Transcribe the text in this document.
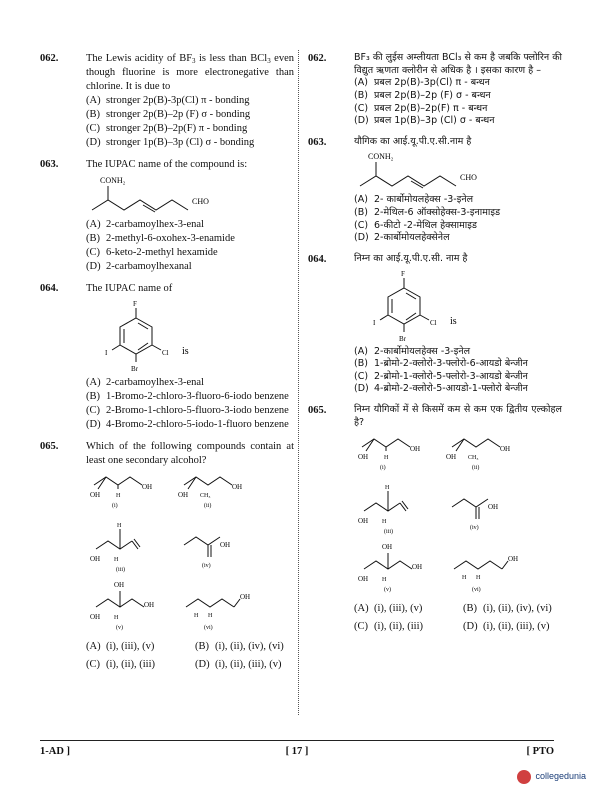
062.	The Lewis acidity of $BF_3$ is less than BCl$_3$ even though fluorine is more electronegative than chlorine. It is due to
(A) stronger 2p(B)-3p(Cl) π - bonding
(B) stronger 2p(B)–2p (F) σ - bonding
(C) stronger 2p(B)–2p(F) π - bonding
(D) stronger 1p(B)–3p (Cl) σ - bonding
063.	The IUPAC name of the compound is:
CONH₂
CHO
(A) 2-carbamoylhex-3-enal
(B) 2-methyl-6-oxohex-3-enamide
(C) 6-keto-2-methyl hexamide
(D) 2-carbamoylhexanal
064.	The IUPAC name of
F
I	Cl
Br
is
(A) 2-carbamoylhex-3-enal
(B) 1-Bromo-2-chloro-3-fluoro-6-iodo benzene
(C) 2-Bromo-1-chloro-5-fluoro-3-iodo benzene
(D) 4-Bromo-2-chloro-5-iodo-1-fluoro benzene
065.	Which of the following compounds contain at least one secondary alcohol?
OH	H
OH
(i)
OH CH₃
OH
(ii)
H
OH H
(iii)
OH
(iv)
OH
OH
OH H
(v)
OH
H H
(vi)
(A) (i), (iii), (v)	(B) (i), (ii), (iv), (vi)
(C) (i), (ii), (iii)	(D) (i), (ii), (iii), (v)
062.	BF₃ की लुईस अम्लीयता BCl₃ से कम है जबकि फ्लोरिन की विद्युत ऋणता क्लोरीन से अधिक है । इसका कारण है –
(A) प्रबल 2p(B)-3p(Cl) π - बन्धन
(B) प्रबल 2p(B)–2p (F) σ - बन्धन
(C) प्रबल 2p(B)–2p(F) π - बन्धन
(D) प्रबल 1p(B)–3p (Cl) σ - बन्धन
063.	यौगिक का आई.यू.पी.ए.सी.नाम है
CONH₂
CHO
(A) 2- कार्बोमोयलहेक्स -3-इनेल
(B) 2-मेथिल-6 ऑक्सोहेक्स-3-इनामाइड
(C) 6-कीटो -2-मेथिल हेक्सामाइड
(D) 2-कार्बोमोयलहेक्सेनेल
064.	निम्न का आई.यू.पी.ए.सी. नाम है
F
I	Cl
Br
is
(A) 2-कार्बोमोयलहेक्स -3-इनेल
(B) 1-ब्रोमो-2-क्लोरो-3-फ्लोरो-6-आयडो बेन्जीन
(C) 2-ब्रोमो-1-क्लोरो-5-फ्लोरो-3-आयडो बेन्जीन
(D) 4-ब्रोमो-2-क्लोरो-5-आयडो-1-फ्लोरो बेन्जीन
065.	निम्न यौगिकों में से किसमें कम से कम एक द्वितीय एल्कोहल है?
OH	H
OH
(i)
OH CH₃
OH
(ii)
H
OH H
(iii)
OH
(iv)
OH
OH
OH H
(v)
OH
H H
(vi)
(A) (i), (iii), (v)	(B) (i), (ii), (iv), (vi)
(C) (i), (ii), (iii)	(D) (i), (ii), (iii), (v)
1-AD ]	[ 17 ]	[ PTO
collegedunia
